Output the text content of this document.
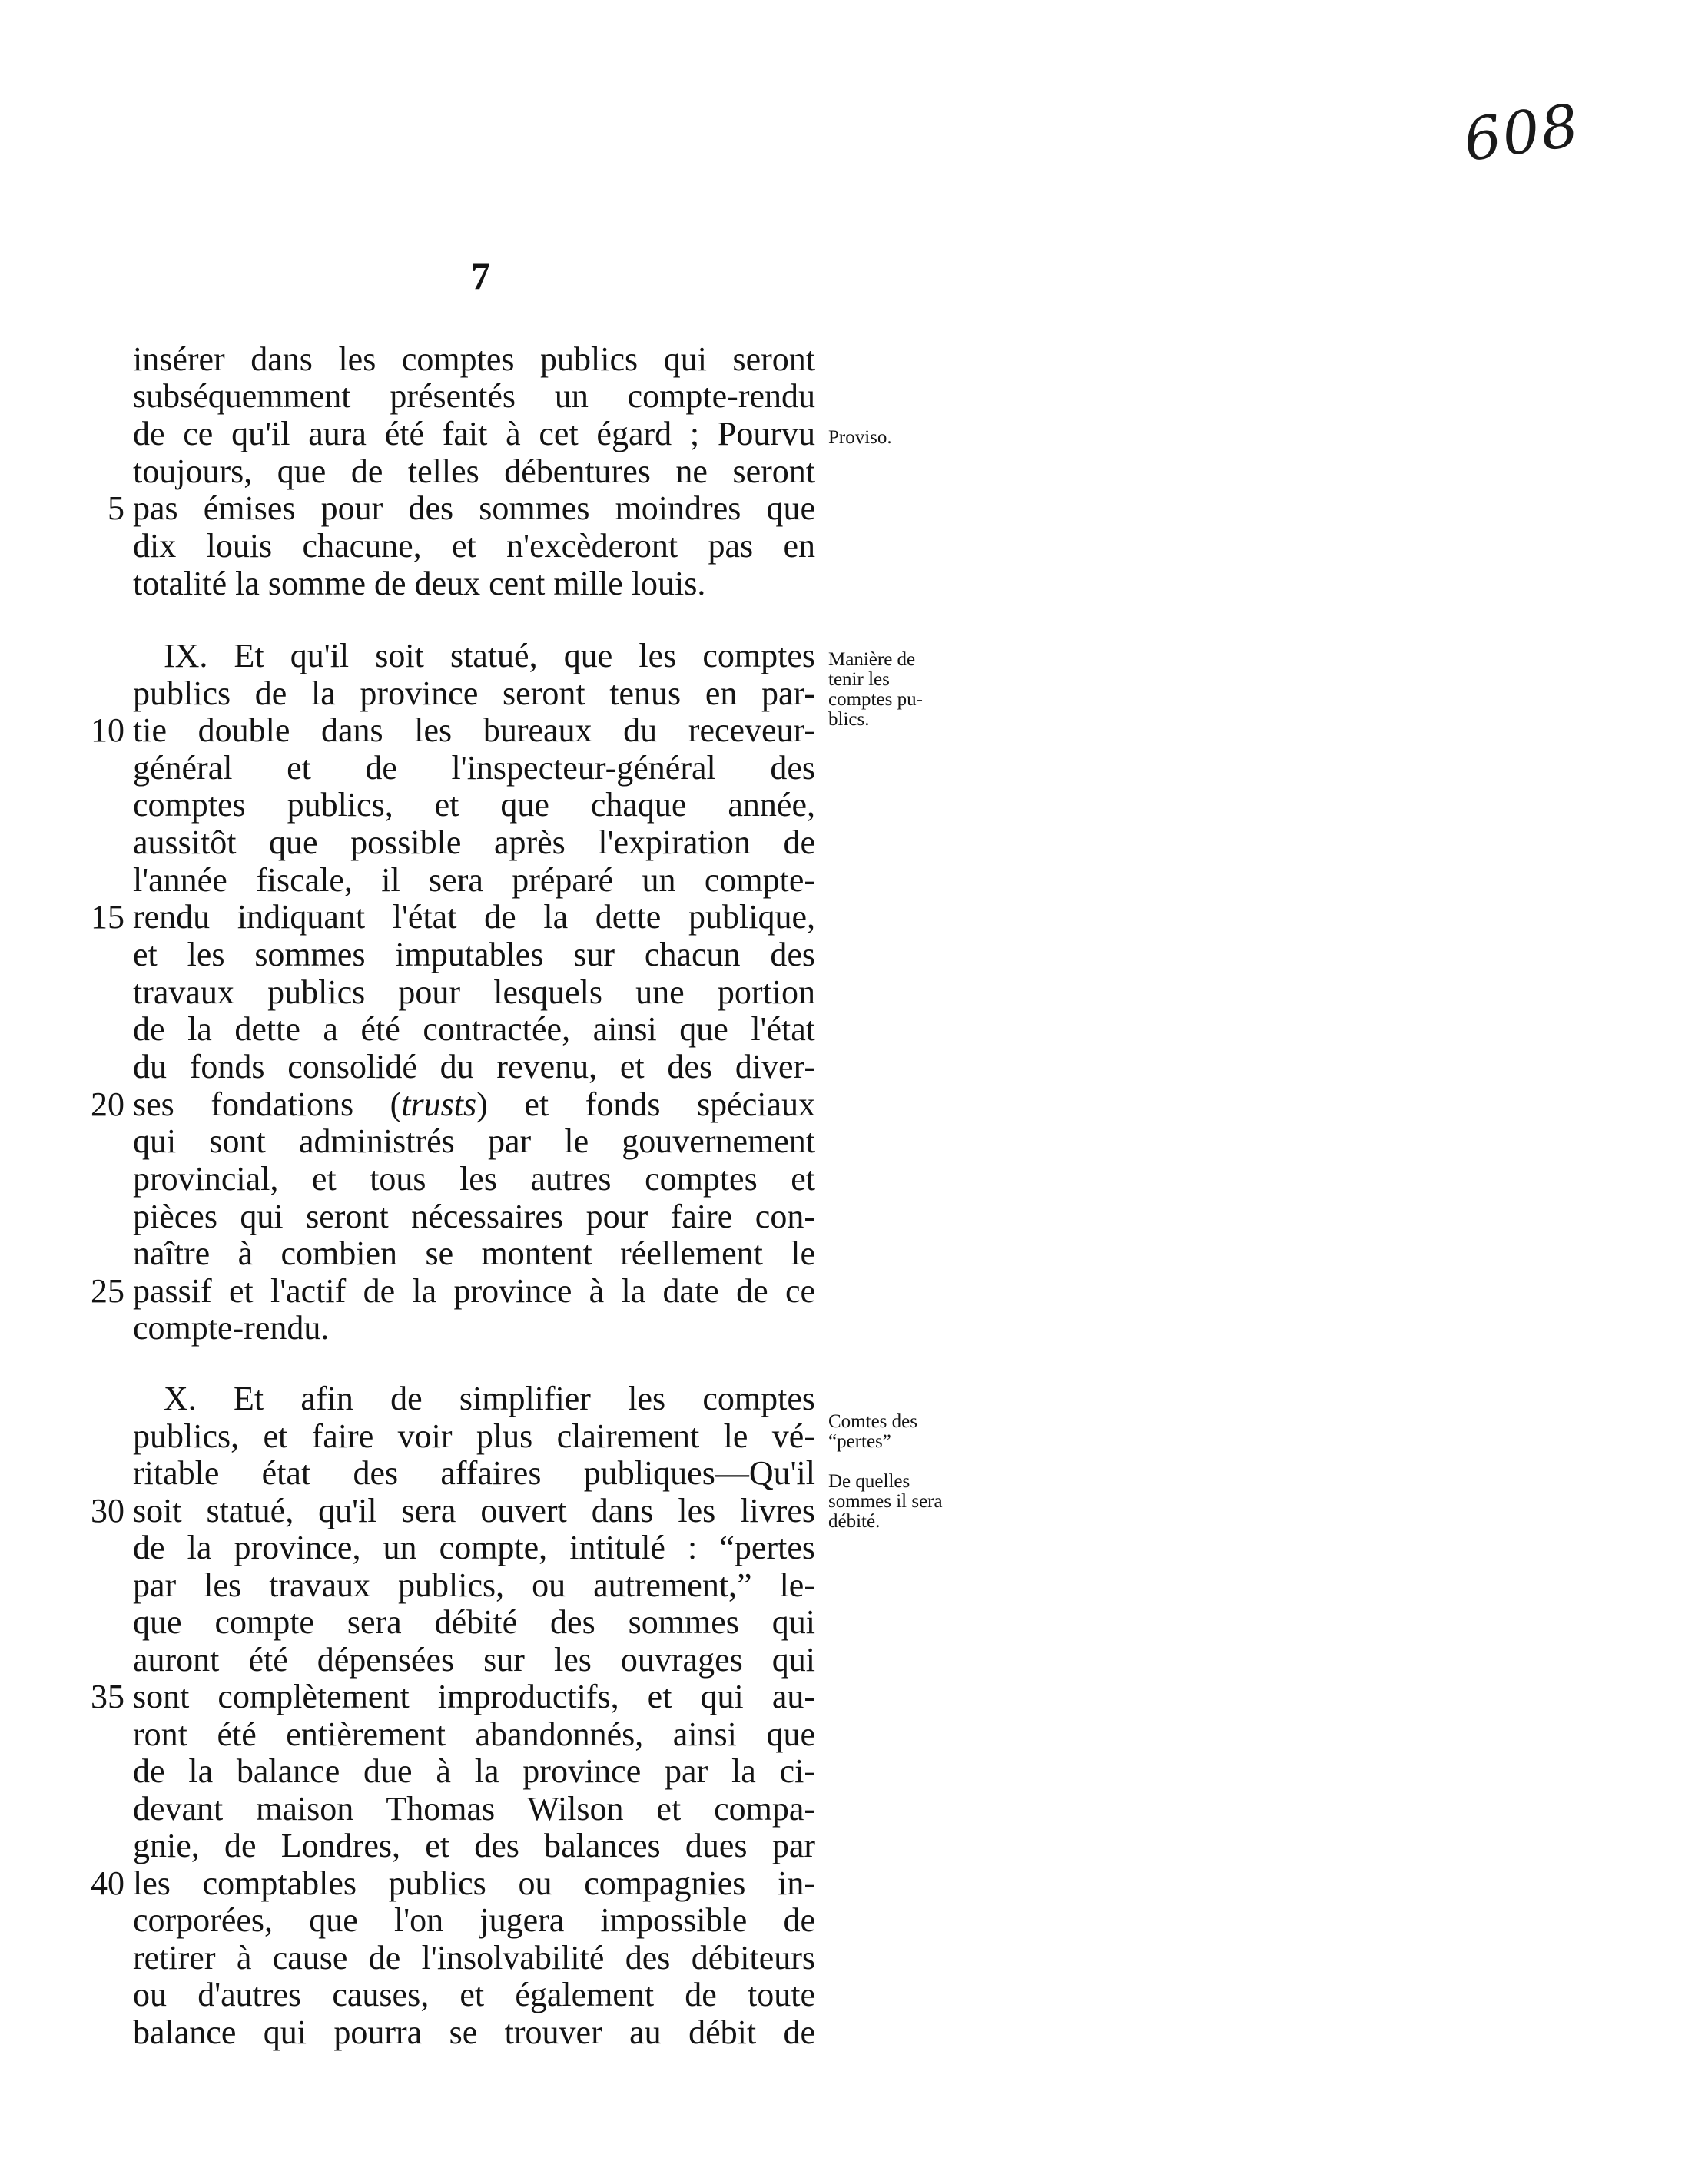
608
7
insérer dans les comptes publics qui seront
subséquemment présentés un compte-rendu
de ce qu'il aura été fait à cet égard ; Pourvu
toujours, que de telles débentures ne seront
pas émises pour des sommes moindres que
dix louis chacune, et n'excèderont pas en
totalité la somme de deux cent mille louis.
IX. Et qu'il soit statué, que les comptes
publics de la province seront tenus en par-
tie double dans les bureaux du receveur-
général et de l'inspecteur-général des
comptes publics, et que chaque année,
aussitôt que possible après l'expiration de
l'année fiscale, il sera préparé un compte-
rendu indiquant l'état de la dette publique,
et les sommes imputables sur chacun des
travaux publics pour lesquels une portion
de la dette a été contractée, ainsi que l'état
du fonds consolidé du revenu, et des diver-
ses fondations (trusts) et fonds spéciaux
qui sont administrés par le gouvernement
provincial, et tous les autres comptes et
pièces qui seront nécessaires pour faire con-
naître à combien se montent réellement le
passif et l'actif de la province à la date de ce
compte-rendu.
X. Et afin de simplifier les comptes
publics, et faire voir plus clairement le vé-
ritable état des affaires publiques—Qu'il
soit statué, qu'il sera ouvert dans les livres
de la province, un compte, intitulé : “pertes
par les travaux publics, ou autrement,” le-
que compte sera débité des sommes qui
auront été dépensées sur les ouvrages qui
sont complètement improductifs, et qui au-
ront été entièrement abandonnés, ainsi que
de la balance due à la province par la ci-
devant maison Thomas Wilson et compa-
gnie, de Londres, et des balances dues par
les comptables publics ou compagnies in-
corporées, que l'on jugera impossible de
retirer à cause de l'insolvabilité des débiteurs
ou d'autres causes, et également de toute
balance qui pourra se trouver au débit de
5
10
15
20
25
30
35
40
Proviso.
Manière de
tenir les
comptes pu-
blics.
Comtes des
“pertes”
De quelles
sommes il sera
débité.
